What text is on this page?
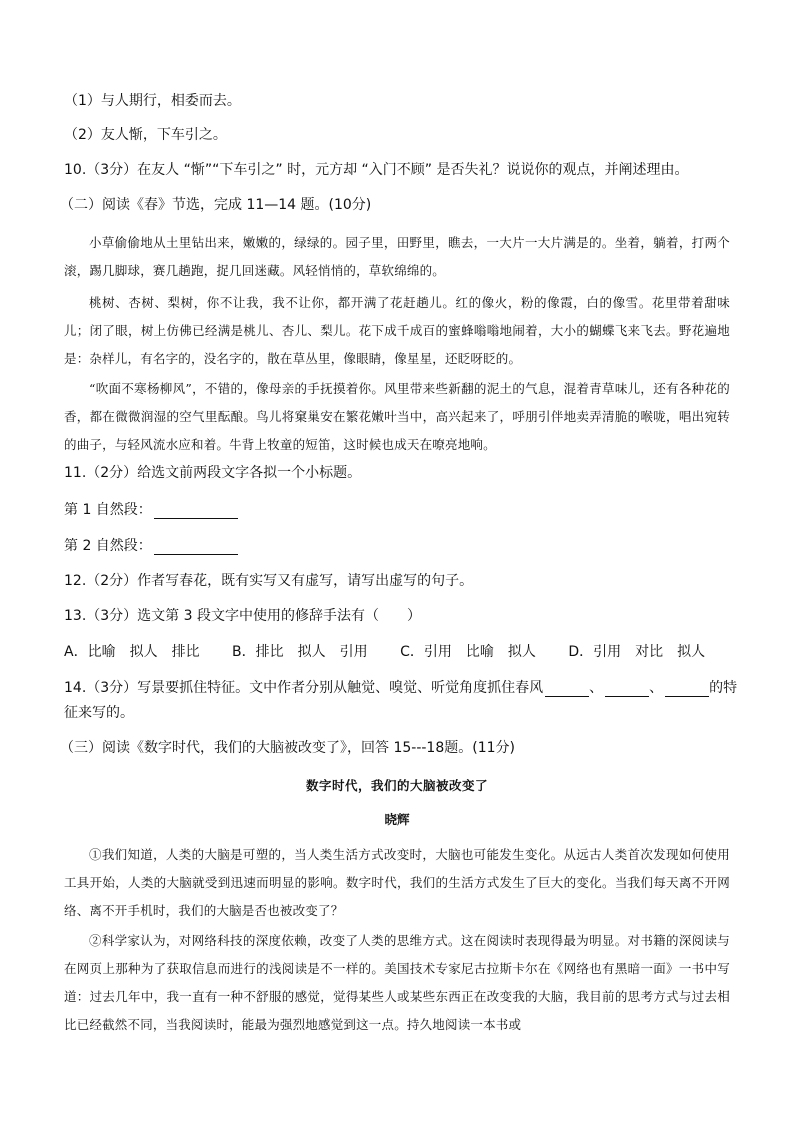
（1）与人期行，相委而去。
（2）友人惭，下车引之。
10.（3分）在友人 “惭”“下车引之” 时，元方却 “入门不顾” 是否失礼？说说你的观点，并阐述理由。
（二）阅读《春》节选，完成 11—14 题。(10分)
小草偷偷地从土里钻出来，嫩嫩的，绿绿的。园子里，田野里，瞧去，一大片一大片满是的。坐着，躺着，打两个滚，踢几脚球，赛几趟跑，捉几回迷藏。风轻悄悄的，草软绵绵的。
桃树、杏树、梨树，你不让我，我不让你，都开满了花赶趟儿。红的像火，粉的像霞，白的像雪。花里带着甜味儿；闭了眼，树上仿佛已经满是桃儿、杏儿、梨儿。花下成千成百的蜜蜂嗡嗡地闹着，大小的蝴蝶飞来飞去。野花遍地是：杂样儿，有名字的，没名字的，散在草丛里，像眼睛，像星星，还眨呀眨的。
“吹面不寒杨柳风”，不错的，像母亲的手抚摸着你。风里带来些新翻的泥土的气息，混着青草味儿，还有各种花的香，都在微微润湿的空气里酝酿。鸟儿将窠巢安在繁花嫩叶当中，高兴起来了，呼朋引伴地卖弄清脆的喉咙，唱出宛转的曲子，与轻风流水应和着。牛背上牧童的短笛，这时候也成天在嘹亮地响。
11.（2分）给选文前两段文字各拟一个小标题。
第 1 自然段：
第 2 自然段：
12.（2分）作者写春花，既有实写又有虚写，请写出虚写的句子。
13.（3分）选文第 3 段文字中使用的修辞手法有（　　）
A．比喻　拟人　排比 B．排比　拟人　引用 C．引用　比喻　拟人 D．引用　对比　拟人
14.（3分）写景要抓住特征。文中作者分别从触觉、嗅觉、听觉角度抓住春风	、	、	的特
征来写的。
（三）阅读《数字时代，我们的大脑被改变了》，回答 15---18题。(11分)
数字时代，我们的大脑被改变了
晓辉
①我们知道，人类的大脑是可塑的，当人类生活方式改变时，大脑也可能发生变化。从远古人类首次发现如何使用工具开始，人类的大脑就受到迅速而明显的影响。数字时代，我们的生活方式发生了巨大的变化。当我们每天离不开网络、离不开手机时，我们的大脑是否也被改变了？
②科学家认为，对网络科技的深度依赖，改变了人类的思维方式。这在阅读时表现得最为明显。对书籍的深阅读与在网页上那种为了获取信息而进行的浅阅读是不一样的。美国技术专家尼古拉斯卡尔在《网络也有黑暗一面》一书中写道：过去几年中，我一直有一种不舒服的感觉，觉得某些人或某些东西正在改变我的大脑，我目前的思考方式与过去相比已经截然不同，当我阅读时，能最为强烈地感觉到这一点。持久地阅读一本书或
